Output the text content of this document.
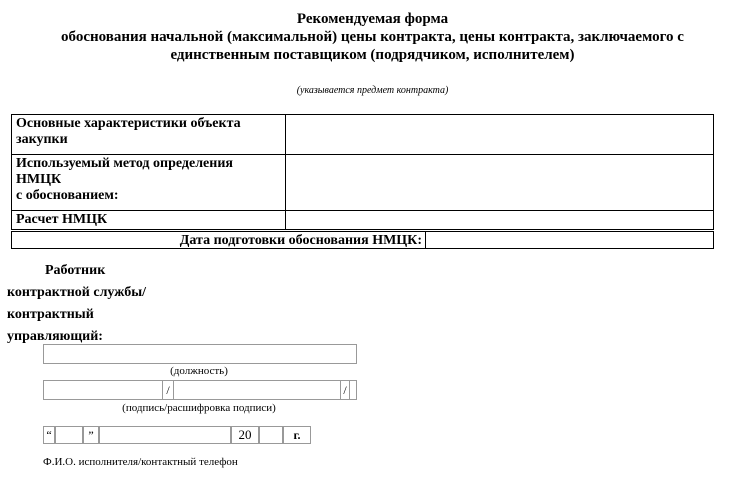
Рекомендуемая форма
обоснования начальной (максимальной) цены контракта, цены контракта, заключаемого с
единственным поставщиком (подрядчиком, исполнителем)
(указывается предмет контракта)
Основные характеристики объекта
закупки	
Используемый метод определения
НМЦК
с обоснованием:	
Расчет НМЦК	
Дата подготовки обоснования НМЦК:
Работник
контрактной службы/
контрактный
управляющий:
(должность)
/	/
(подпись/расшифровка подписи)
“	”	20	г.
Ф.И.О. исполнителя/контактный телефон
